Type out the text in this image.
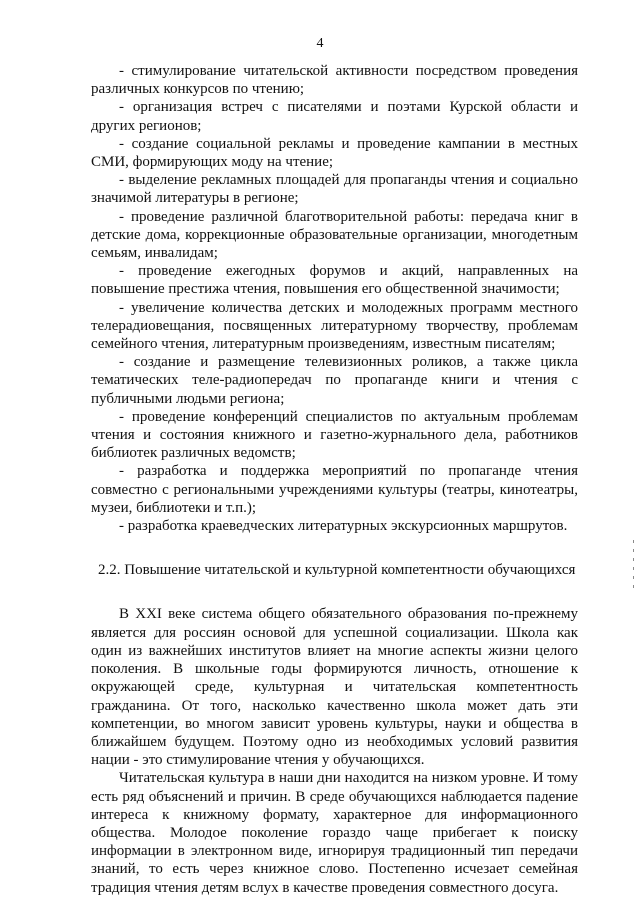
4

- стимулирование читательской активности посредством проведения различных конкурсов по чтению;

- организация встреч с писателями и поэтами Курской области и других регионов;

- создание социальной рекламы и проведение кампании в местных СМИ, формирующих моду на чтение;

- выделение рекламных площадей для пропаганды чтения и социально значимой литературы в регионе;

- проведение различной благотворительной работы: передача книг в детские дома, коррекционные образовательные организации, многодетным семьям, инвалидам;

- проведение ежегодных форумов и акций, направленных на повышение престижа чтения, повышения его общественной значимости;

- увеличение количества детских и молодежных программ местного телерадиовещания, посвященных литературному творчеству, проблемам семейного чтения, литературным произведениям, известным писателям;

- создание и размещение телевизионных роликов, а также цикла тематических теле-радиопередач по пропаганде книги и чтения с публичными людьми региона;

- проведение конференций специалистов по актуальным проблемам чтения и состояния книжного и газетно-журнального дела, работников библиотек различных ведомств;

- разработка и поддержка мероприятий по пропаганде чтения совместно с региональными учреждениями культуры (театры, кинотеатры, музеи, библиотеки и т.п.);

- разработка краеведческих литературных экскурсионных маршрутов.

2.2. Повышение читательской и культурной компетентности обучающихся

В XXI веке система общего обязательного образования по-прежнему является для россиян основой для успешной социализации. Школа как один из важнейших институтов влияет на многие аспекты жизни целого поколения. В школьные годы формируются личность, отношение к окружающей среде, культурная и читательская компетентность гражданина. От того, насколько качественно школа может дать эти компетенции, во многом зависит уровень культуры, науки и общества в ближайшем будущем. Поэтому одно из необходимых условий развития нации - это стимулирование чтения у обучающихся.

Читательская культура в наши дни находится на низком уровне. И тому есть ряд объяснений и причин. В среде обучающихся наблюдается падение интереса к книжному формату, характерное для информационного общества. Молодое поколение гораздо чаще прибегает к поиску информации в электронном виде, игнорируя традиционный тип передачи знаний, то есть через книжное слово. Постепенно исчезает семейная традиция чтения детям вслух в качестве проведения совместного досуга.
